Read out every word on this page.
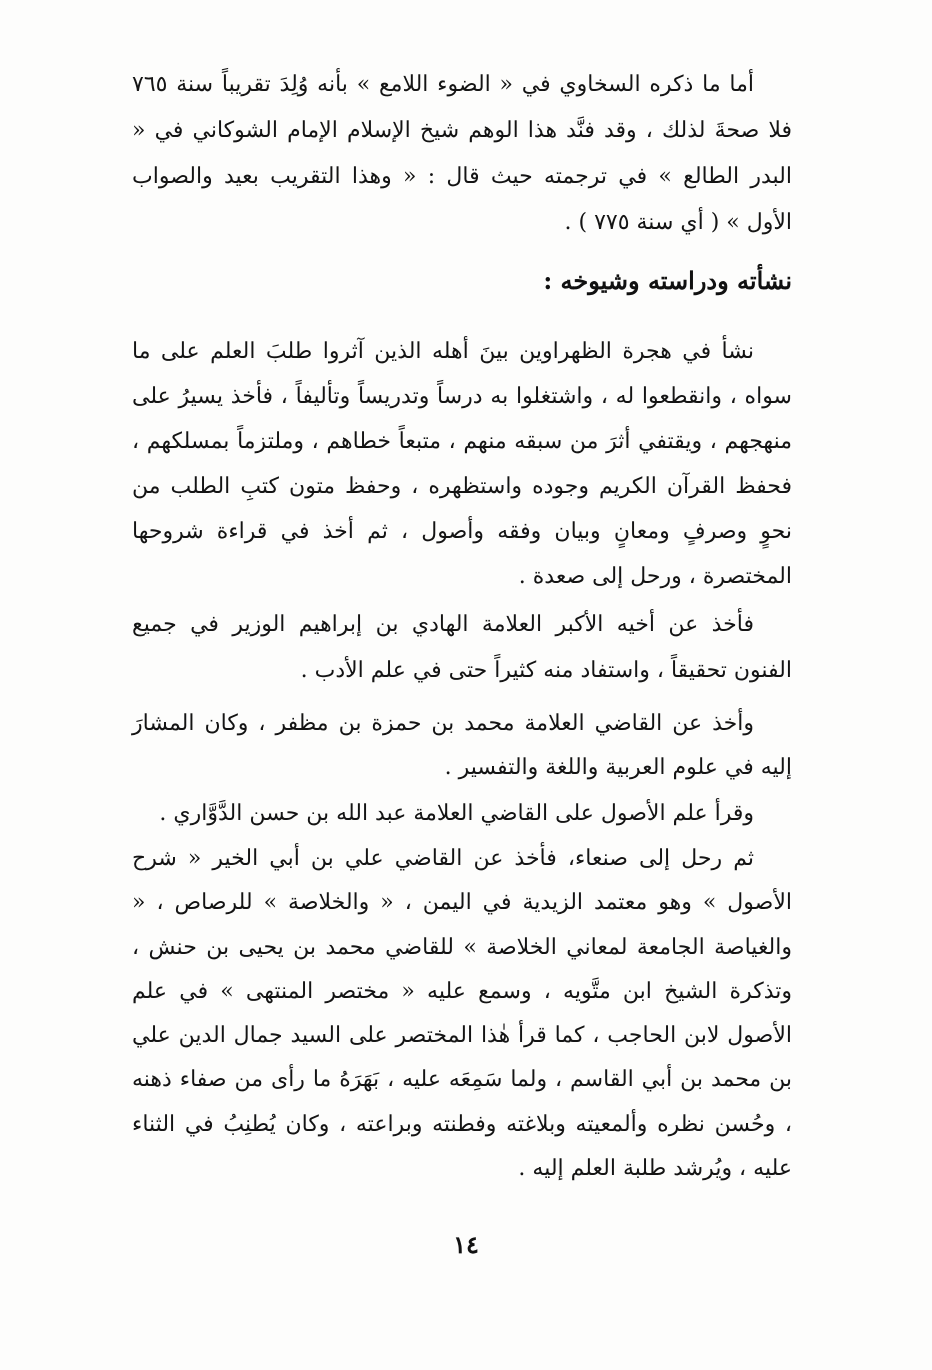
أما ما ذكره السخاوي في « الضوء اللامع » بأنه وُلِدَ تقريباً سنة ٧٦٥ فلا صحةَ لذلك ، وقد فنَّد هذا الوهم شيخ الإسلام الإمام الشوكاني في « البدر الطالع » في ترجمته حيث قال : « وهذا التقريب بعيد والصواب الأول » ( أي سنة ٧٧٥ ) .

نشأته ودراسته وشيوخه :

نشأ في هجرة الظهراوين بينَ أهله الذين آثروا طلبَ العلم على ما سواه ، وانقطعوا له ، واشتغلوا به درساً وتدريساً وتأليفاً ، فأخذ يسيرُ على منهجهم ، ويقتفي أثرَ من سبقه منهم ، متبعاً خطاهم ، وملتزماً بمسلكهم ، فحفظ القرآن الكريم وجوده واستظهره ، وحفظ متون كتبِ الطلب من نحوٍ وصرفٍ ومعانٍ وبيان وفقه وأصول ، ثم أخذ في قراءة شروحها المختصرة ، ورحل إلى صعدة .

فأخذ عن أخيه الأكبر العلامة الهادي بن إبراهيم الوزير في جميع الفنون تحقيقاً ، واستفاد منه كثيراً حتى في علم الأدب .

وأخذ عن القاضي العلامة محمد بن حمزة بن مظفر ، وكان المشارَ إليه في علوم العربية واللغة والتفسير .

وقرأ علم الأصول على القاضي العلامة عبد الله بن حسن الدَّوَّاري .

ثم رحل إلى صنعاء، فأخذ عن القاضي علي بن أبي الخير « شرح الأصول » وهو معتمد الزيدية في اليمن ، « والخلاصة » للرصاص ، « والغياصة الجامعة لمعاني الخلاصة » للقاضي محمد بن يحيى بن حنش ، وتذكرة الشيخ ابن متَّويه ، وسمع عليه « مختصر المنتهى » في علم الأصول لابن الحاجب ، كما قرأ هٰذا المختصر على السيد جمال الدين علي بن محمد بن أبي القاسم ، ولما سَمِعَه عليه ، بَهَرَهُ ما رأى من صفاء ذهنه ، وحُسن نظره وألمعيته وبلاغته وفطنته وبراعته ، وكان يُطنِبُ في الثناء عليه ، ويُرشد طلبة العلم إليه .

١٤
